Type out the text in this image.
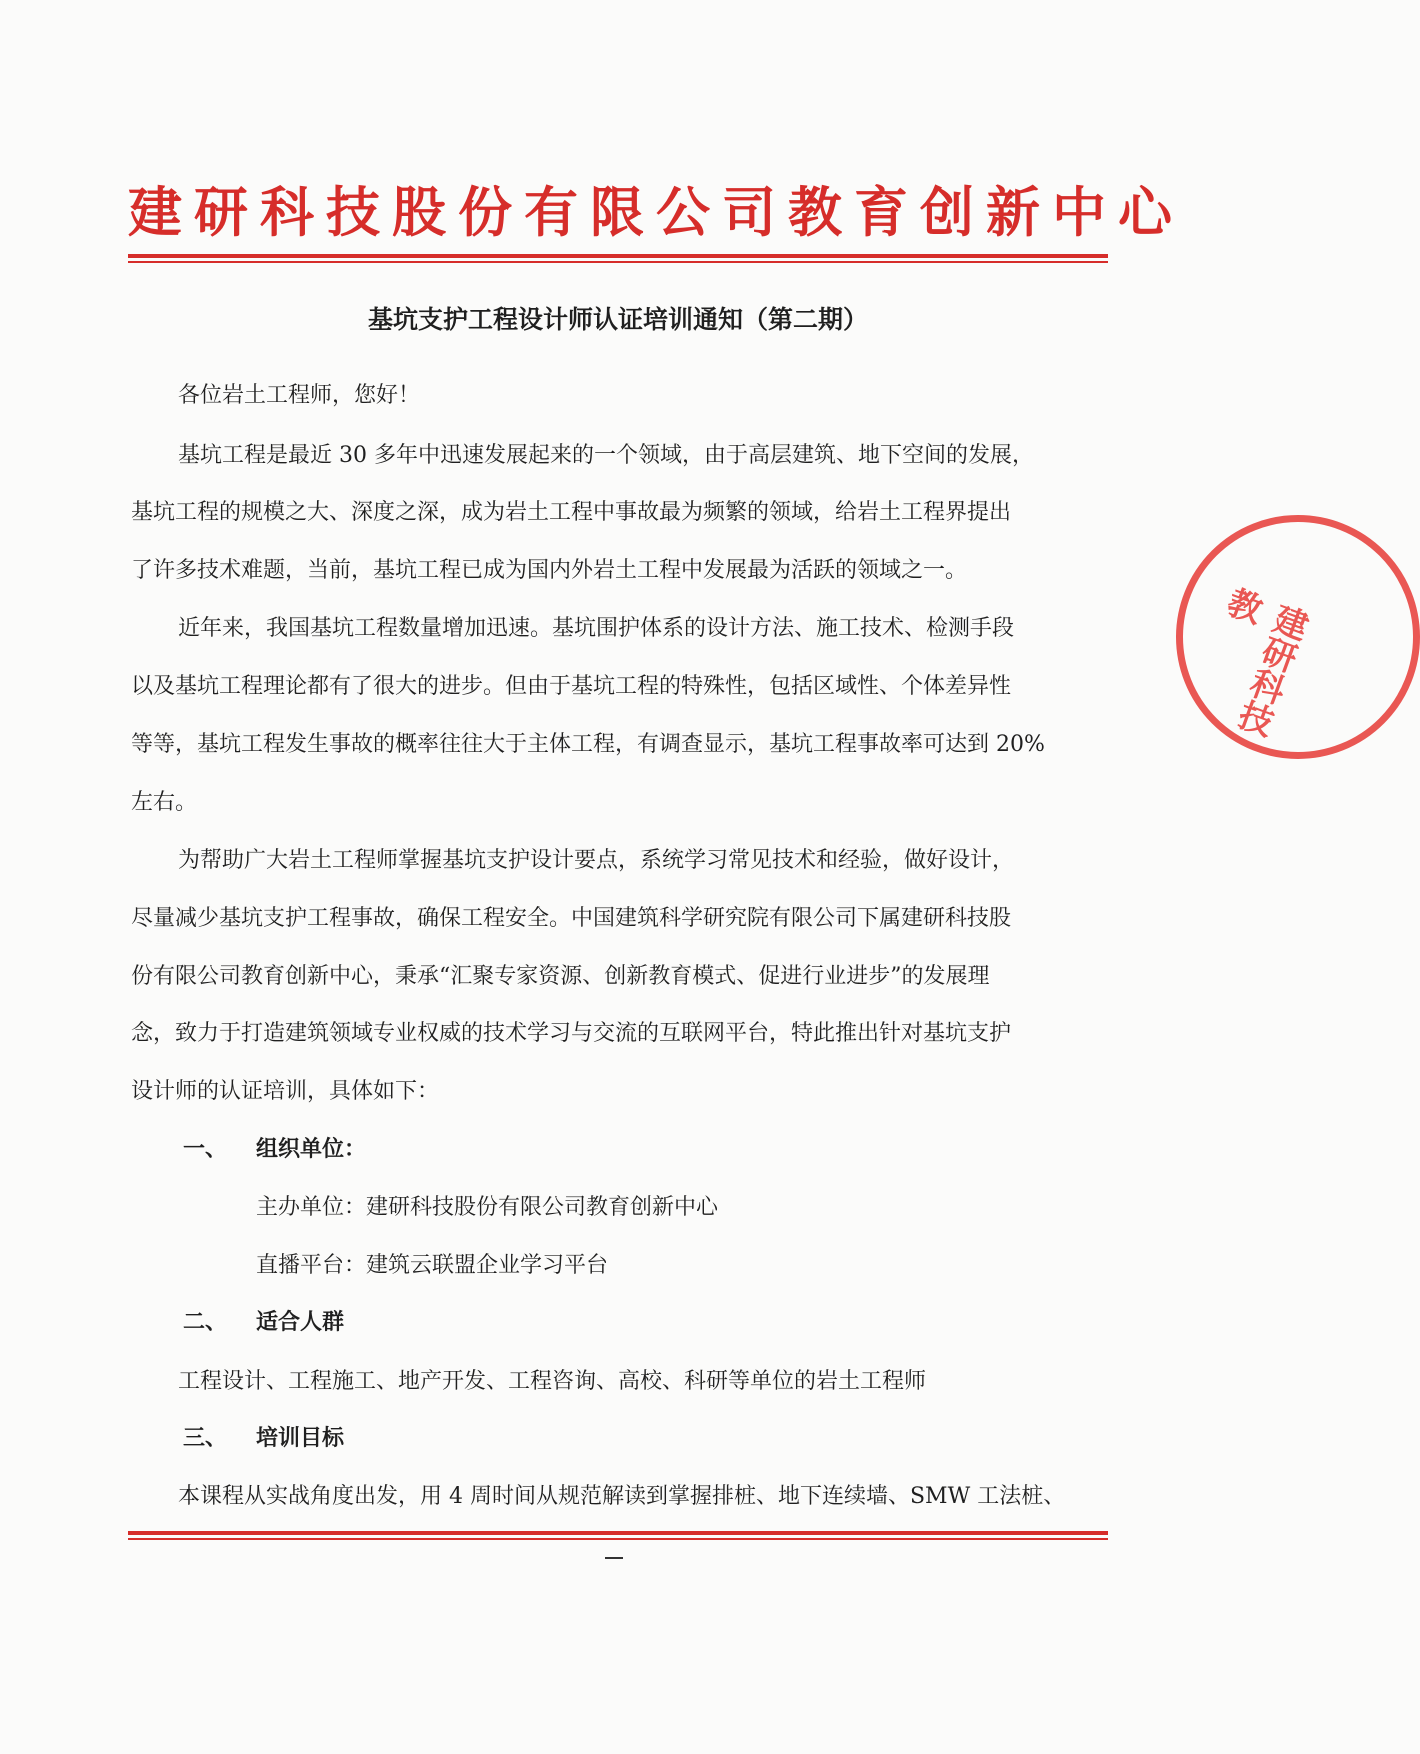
建研科技股份有限公司教育创新中心
基坑支护工程设计师认证培训通知（第二期）
各位岩土工程师，您好！
基坑工程是最近 30 多年中迅速发展起来的一个领域，由于高层建筑、地下空间的发展，
基坑工程的规模之大、深度之深，成为岩土工程中事故最为频繁的领域，给岩土工程界提出
了许多技术难题，当前，基坑工程已成为国内外岩土工程中发展最为活跃的领域之一。
近年来，我国基坑工程数量增加迅速。基坑围护体系的设计方法、施工技术、检测手段
以及基坑工程理论都有了很大的进步。但由于基坑工程的特殊性，包括区域性、个体差异性
等等，基坑工程发生事故的概率往往大于主体工程，有调查显示，基坑工程事故率可达到 20%
左右。
为帮助广大岩土工程师掌握基坑支护设计要点，系统学习常见技术和经验，做好设计，
尽量减少基坑支护工程事故，确保工程安全。中国建筑科学研究院有限公司下属建研科技股
份有限公司教育创新中心，秉承“汇聚专家资源、创新教育模式、促进行业进步”的发展理
念，致力于打造建筑领域专业权威的技术学习与交流的互联网平台，特此推出针对基坑支护
设计师的认证培训，具体如下：
一、 组织单位：
主办单位：建研科技股份有限公司教育创新中心
直播平台：建筑云联盟企业学习平台
二、 适合人群
工程设计、工程施工、地产开发、工程咨询、高校、科研等单位的岩土工程师
三、 培训目标
本课程从实战角度出发，用 4 周时间从规范解读到掌握排桩、地下连续墙、SMW 工法桩、
建研科技教
